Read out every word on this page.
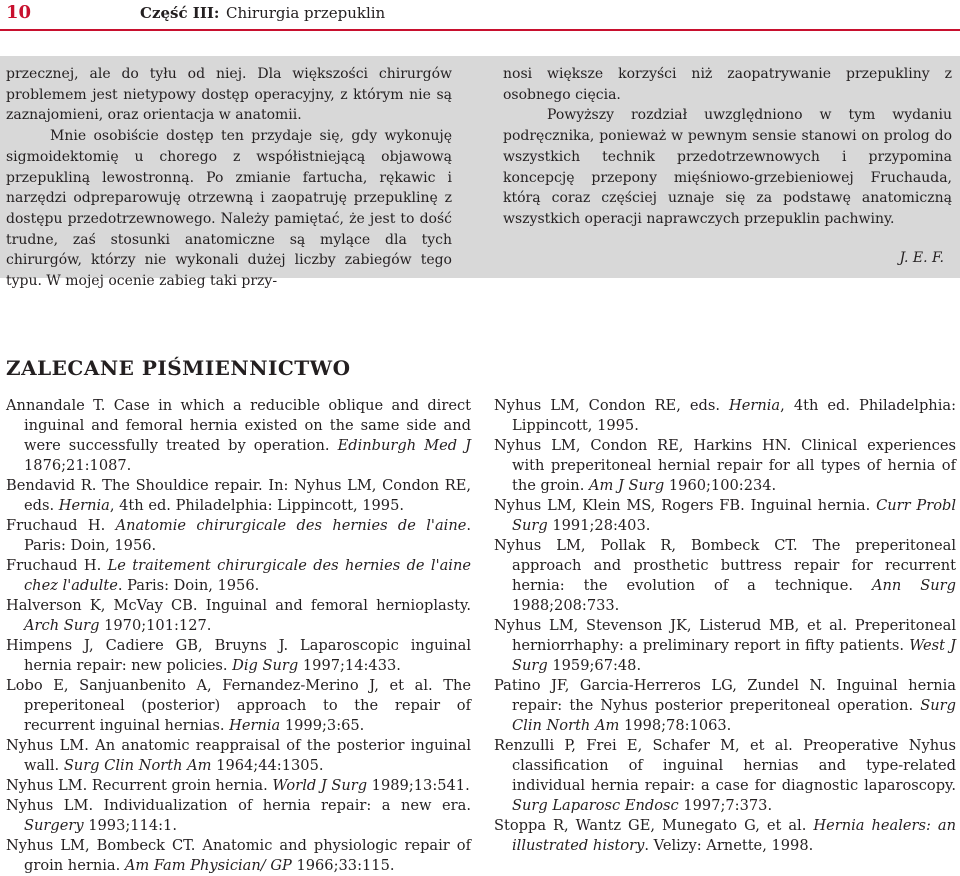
10	Część III: Chirurgia przepuklin

przecznej, ale do tyłu od niej. Dla większości chirurgów problemem jest nietypowy dostęp operacyjny, z którym nie są zaznajomieni, oraz orientacja w anatomii.

Mnie osobiście dostęp ten przydaje się, gdy wykonuję sigmoidektomię u chorego z współistniejącą objawową przepukliną lewostronną. Po zmianie fartucha, rękawic i narzędzi odpreparowuję otrzewną i zaopatruję przepuklinę z dostępu przedotrzewnowego. Należy pamiętać, że jest to dość trudne, zaś stosunki anatomiczne są mylące dla tych chirurgów, którzy nie wykonali dużej liczby zabiegów tego typu. W mojej ocenie zabieg taki przy-

nosi większe korzyści niż zaopatrywanie przepukliny z osobnego cięcia.

Powyższy rozdział uwzględniono w tym wydaniu podręcznika, ponieważ w pewnym sensie stanowi on prolog do wszystkich technik przedotrzewnowych i przypomina koncepcję przepony mięśniowo-grzebieniowej Fruchauda, którą coraz częściej uznaje się za podstawę anatomiczną wszystkich operacji naprawczych przepuklin pachwiny.

J. E. F.

ZALECANE PIŚMIENNICTWO
Annandale T. Case in which a reducible oblique and direct inguinal and femoral hernia existed on the same side and were successfully treated by operation. Edinburgh Med J 1876;21:1087.
Bendavid R. The Shouldice repair. In: Nyhus LM, Condon RE, eds. Hernia, 4th ed. Philadelphia: Lippincott, 1995.
Fruchaud H. Anatomie chirurgicale des hernies de l'aine. Paris: Doin, 1956.
Fruchaud H. Le traitement chirurgicale des hernies de l'aine chez l'adulte. Paris: Doin, 1956.
Halverson K, McVay CB. Inguinal and femoral hernioplasty. Arch Surg 1970;101:127.
Himpens J, Cadiere GB, Bruyns J. Laparoscopic inguinal hernia repair: new policies. Dig Surg 1997;14:433.
Lobo E, Sanjuanbenito A, Fernandez-Merino J, et al. The preperitoneal (posterior) approach to the repair of recurrent inguinal hernias. Hernia 1999;3:65.
Nyhus LM. An anatomic reappraisal of the posterior inguinal wall. Surg Clin North Am 1964;44:1305.
Nyhus LM. Recurrent groin hernia. World J Surg 1989;13:541.
Nyhus LM. Individualization of hernia repair: a new era. Surgery 1993;114:1.
Nyhus LM, Bombeck CT. Anatomic and physiologic repair of groin hernia. Am Fam Physician/ GP 1966;33:115.
Nyhus LM, Condon RE, eds. Hernia, 4th ed. Philadelphia: Lippincott, 1995.
Nyhus LM, Condon RE, Harkins HN. Clinical experiences with preperitoneal hernial repair for all types of hernia of the groin. Am J Surg 1960;100:234.
Nyhus LM, Klein MS, Rogers FB. Inguinal hernia. Curr Probl Surg 1991;28:403.
Nyhus LM, Pollak R, Bombeck CT. The preperitoneal approach and prosthetic buttress repair for recurrent hernia: the evolution of a technique. Ann Surg 1988;208:733.
Nyhus LM, Stevenson JK, Listerud MB, et al. Preperitoneal herniorrhaphy: a preliminary report in fifty patients. West J Surg 1959;67:48.
Patino JF, Garcia-Herreros LG, Zundel N. Inguinal hernia repair: the Nyhus posterior preperitoneal operation. Surg Clin North Am 1998;78:1063.
Renzulli P, Frei E, Schafer M, et al. Preoperative Nyhus classification of inguinal hernias and type-related individual hernia repair: a case for diagnostic laparoscopy. Surg Laparosc Endosc 1997;7:373.
Stoppa R, Wantz GE, Munegato G, et al. Hernia healers: an illustrated history. Velizy: Arnette, 1998.
